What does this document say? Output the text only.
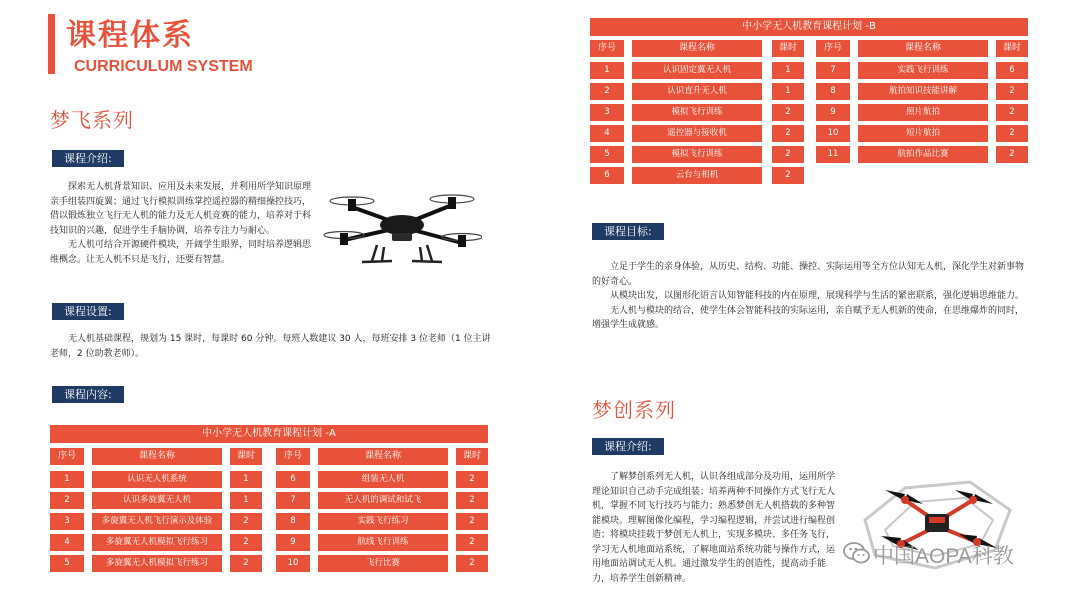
课程体系
CURRICULUM SYSTEM
梦飞系列
课程介绍:

探索无人机背景知识、应用及未来发展，并利用所学知识原理亲手组装四旋翼；通过飞行模拟训练掌控遥控器的精细操控技巧，借以锻炼独立飞行无人机的能力及无人机竞赛的能力，培养对于科技知识的兴趣，促进学生手脑协调，培养专注力与耐心。

无人机可结合开源硬件模块，开阔学生眼界，同时培养逻辑思维概念。让无人机不只是飞行，还要有智慧。

课程设置:

无人机基础课程，规划为 15 课时，每课时 60 分钟。每班人数建议 30 人，每班安排 3 位老师（1 位主讲老师，2 位助教老师）。

课程内容:
中小学无人机教育课程计划 -A
序号	课程名称	课时	序号	课程名称	课时
1	认识无人机系统	1	6	组装无人机	2
2	认识多旋翼无人机	1	7	无人机的调试和试飞	2
3	多旋翼无人机飞行演示及体验	2	8	实践飞行练习	2
4	多旋翼无人机模拟飞行练习	2	9	航线飞行训练	2
5	多旋翼无人机模拟飞行练习	2	10	飞行比赛	2
中小学无人机教育课程计划 -B
序号	课程名称	课时	序号	课程名称	课时
1	认识固定翼无人机	1	7	实践飞行训练	6
2	认识直升无人机	1	8	航拍知识技能讲解	2
3	模拟飞行训练	2	9	照片航拍	2
4	遥控器与接收机	2	10	短片航拍	2
5	模拟飞行训练	2	11	航拍作品比赛	2
6	云台与相机	2
课程目标:

立足于学生的亲身体验，从历史、结构、功能、操控、实际运用等全方位认知无人机，深化学生对新事物的好奇心。

从模块出发，以图形化语言认知智能科技的内在原理，展现科学与生活的紧密联系，强化逻辑思维能力。

无人机与模块的结合，使学生体会智能科技的实际运用，亲自赋予无人机新的使命，在思维爆炸的同时，增强学生成就感。

梦创系列
课程介绍:

了解梦创系列无人机，认识各组成部分及功用，运用所学理论知识自己动手完成组装；培养两种不同操作方式飞行无人机，掌握不同飞行技巧与能力；熟悉梦创无人机搭载的多种智能模块。理解图像化编程，学习编程逻辑，并尝试进行编程创造；将模块挂载于梦创无人机上，实现多模块、多任务飞行，学习无人机地面站系统，了解地面站系统功能与操作方式，运用地面站调试无人机。通过激发学生的创造性，提高动手能力，培养学生创新精神。

中国AOPA科教
